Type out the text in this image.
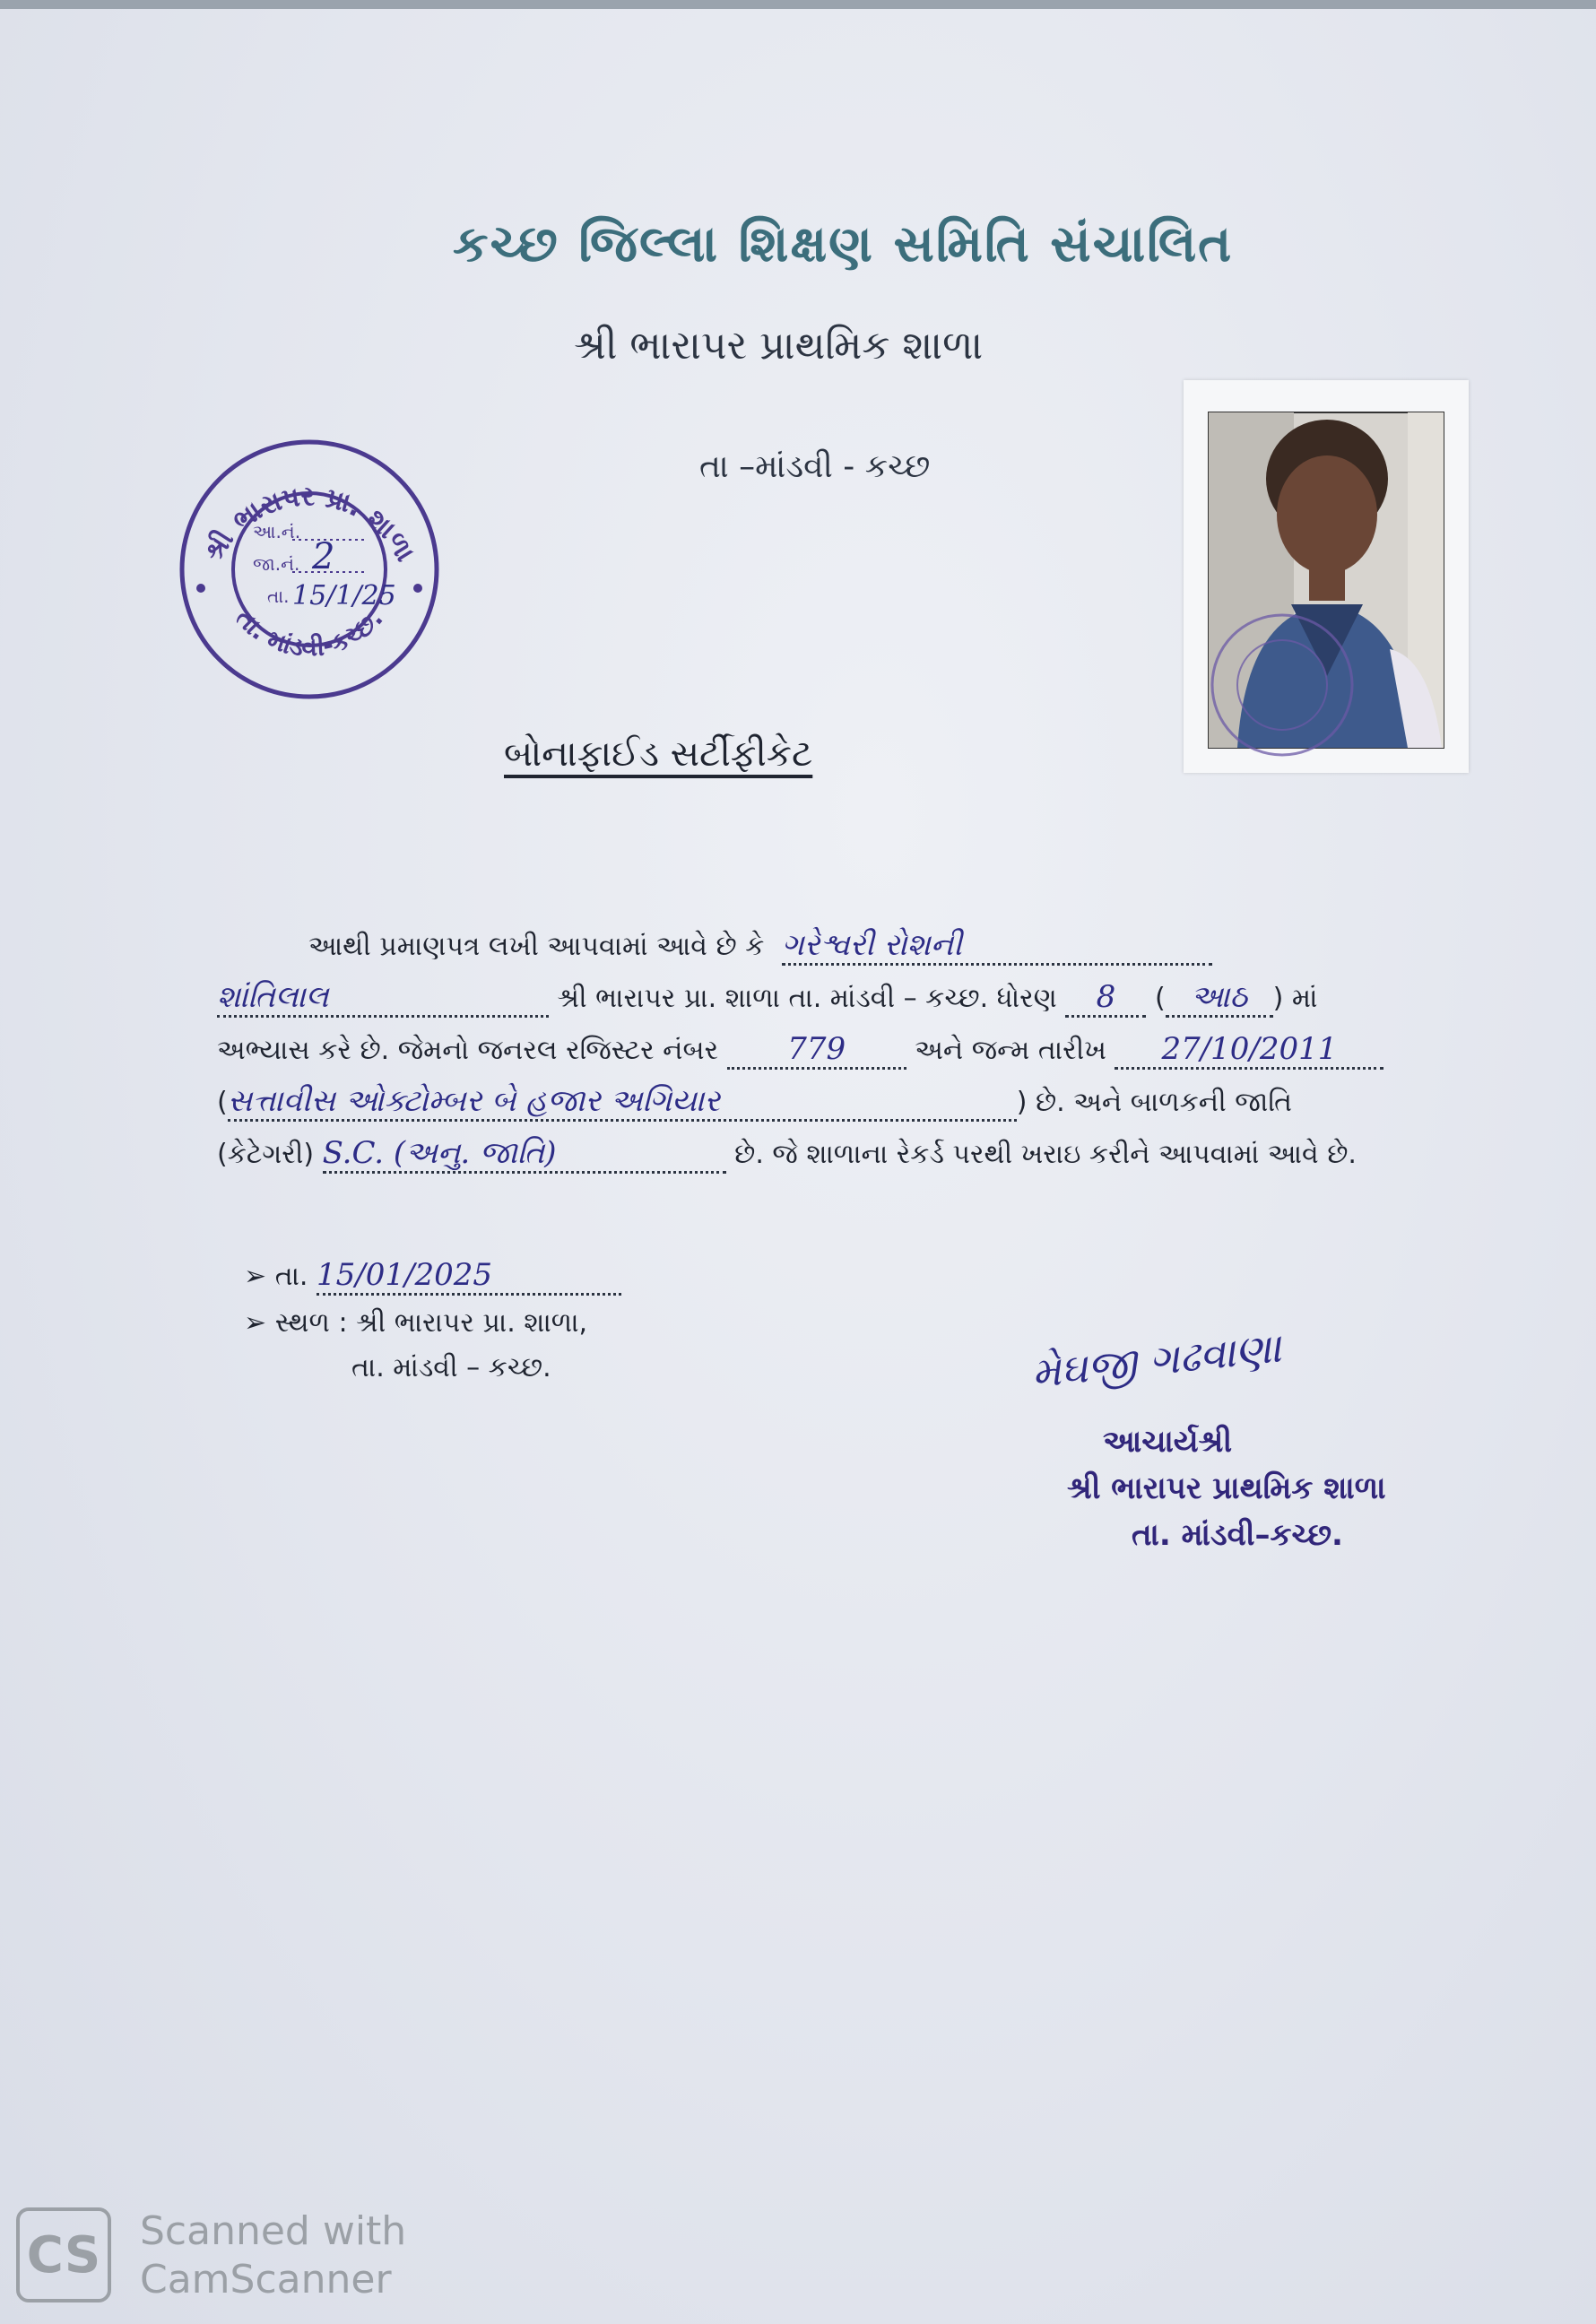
કચ્છ જિલ્લા શિક્ષણ સમિતિ સંચાલિત
શ્રી ભારાપર પ્રાથમિક શાળા
તા –માંડવી - કચ્છ
શ્રી ભારાપર પ્રા. શાળા
તા. માંડવી-કચ્છ.
આ.નં.
જા.નં. 2
તા. 15/1/25
બોનાફાઈડ સર્ટીફીકેટ
આથી પ્રમાણપત્ર લખી આપવામાં આવે છે કે ગરેશ્વરી રોશની
શાંતિલાલ	શ્રી ભારાપર પ્રા. શાળા તા. માંડવી – કચ્છ. ધોરણ 8 ( આઠ ) માં
અભ્યાસ કરે છે. જેમનો જનરલ રજિસ્ટર નંબર 779	અને જન્મ તારીખ 27/10/2011
(સત્તાવીસ ઓક્ટોમ્બર બે હજાર અગિયાર	) છે. અને બાળકની જાતિ
(કેટેગરી) S.C. (અનુ. જાતિ)	છે. જે શાળાના રેકર્ડ પરથી ખરાઇ કરીને આપવામાં આવે છે.
➢ તા. 15/01/2025
➢ સ્થળ : શ્રી ભારાપર પ્રા. શાળા,
તા. માંડવી – કચ્છ.	મેઘજી ગઢવાણા
આચાર્યશ્રી
શ્રી ભારાપર પ્રાથમિક શાળા
તા. માંડવી–કચ્છ.
CS Scanned with
CamScanner
